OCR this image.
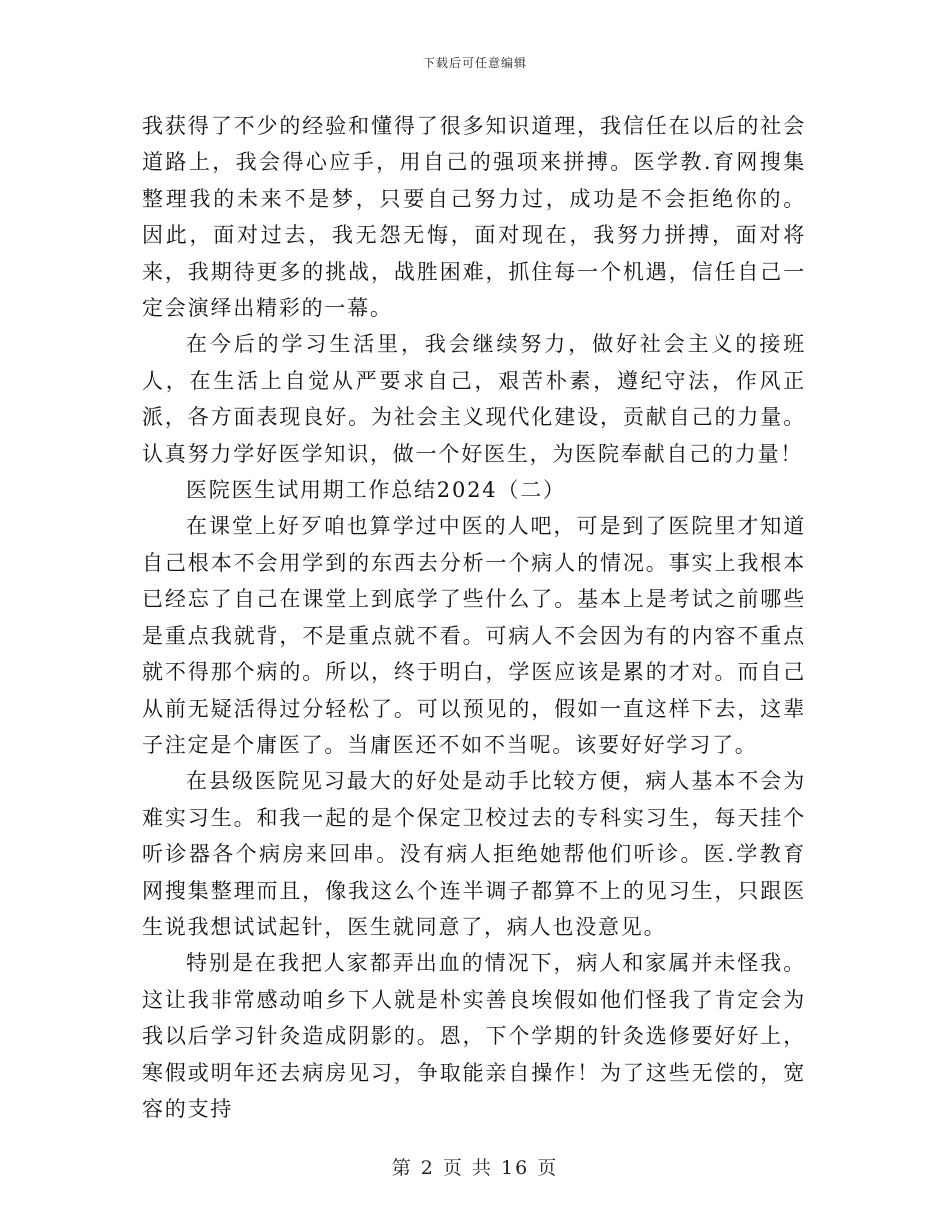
下载后可任意编辑

我获得了不少的经验和懂得了很多知识道理，我信任在以后的社会道路上，我会得心应手，用自己的强项来拼搏。医学教.育网搜集整理我的未来不是梦，只要自己努力过，成功是不会拒绝你的。 因此，面对过去，我无怨无悔，面对现在，我努力拼搏，面对将来，我期待更多的挑战，战胜困难，抓住每一个机遇，信任自己一定会演绎出精彩的一幕。

在今后的学习生活里，我会继续努力，做好社会主义的接班人，在生活上自觉从严要求自己，艰苦朴素，遵纪守法，作风正派，各方面表现良好。为社会主义现代化建设，贡献自己的力量。认真努力学好医学知识，做一个好医生，为医院奉献自己的力量！

医院医生试用期工作总结2024（二）

在课堂上好歹咱也算学过中医的人吧，可是到了医院里才知道自己根本不会用学到的东西去分析一个病人的情况。事实上我根本已经忘了自己在课堂上到底学了些什么了。基本上是考试之前哪些是重点我就背，不是重点就不看。可病人不会因为有的内容不重点就不得那个病的。所以，终于明白，学医应该是累的才对。而自己从前无疑活得过分轻松了。可以预见的，假如一直这样下去，这辈子注定是个庸医了。当庸医还不如不当呢。该要好好学习了。

在县级医院见习最大的好处是动手比较方便，病人基本不会为难实习生。和我一起的是个保定卫校过去的专科实习生，每天挂个听诊器各个病房来回串。没有病人拒绝她帮他们听诊。医.学教育网搜集整理而且，像我这么个连半调子都算不上的见习生，只跟医生说我想试试起针，医生就同意了，病人也没意见。

特别是在我把人家都弄出血的情况下，病人和家属并未怪我。这让我非常感动咱乡下人就是朴实善良埃假如他们怪我了肯定会为我以后学习针灸造成阴影的。恩，下个学期的针灸选修要好好上，寒假或明年还去病房见习，争取能亲自操作！为了这些无偿的，宽容的支持

第 2 页 共 16 页
